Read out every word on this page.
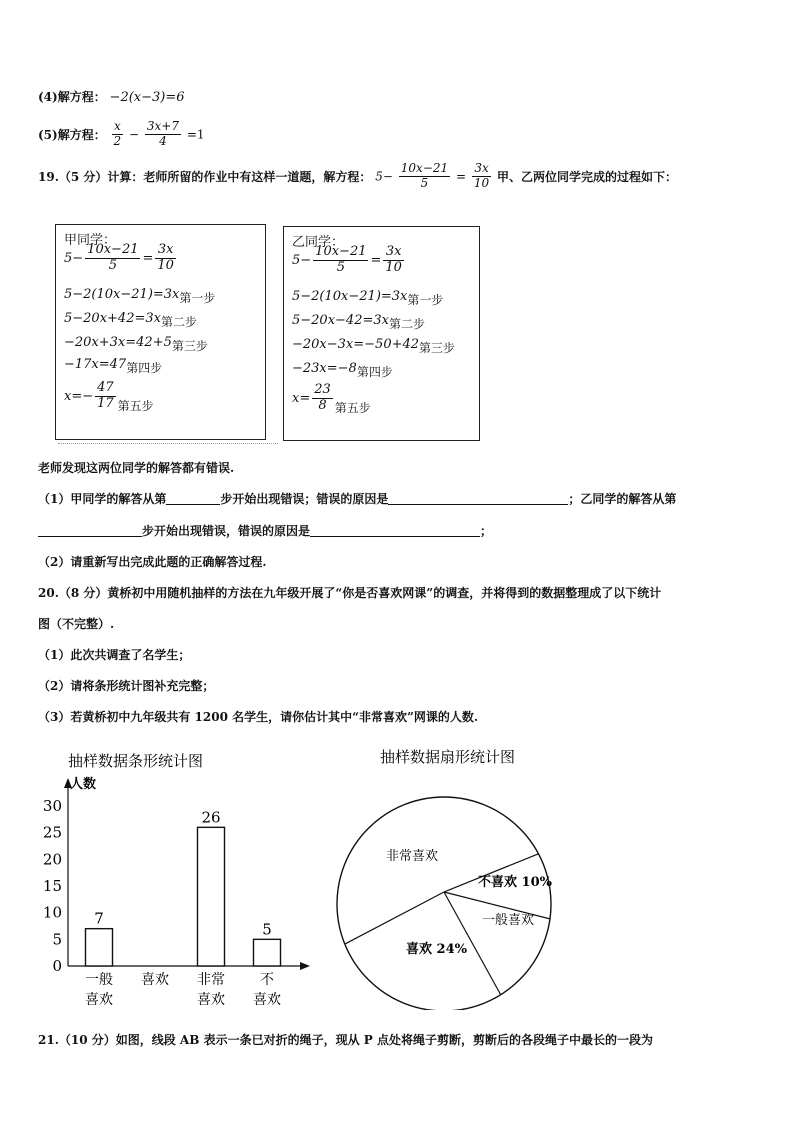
(4)解方程： −2(x−3)=6
(5)解方程： $\frac{x}{2} - \frac{3x+7}{4} =1$
19.（5 分）计算：老师所留的作业中有这样一道题，解方程： $5- \frac{10x-21}{5} = \frac{3x}{10}$ 甲、乙两位同学完成的过程如下：
甲同学：
$5- \frac{10x-21}{5} = \frac{3x}{10}$
5−2(10x−21)=3x第一步
5−20x+42=3x第二步
−20x+3x=42+5第三步
−17x=47第四步
$x=- \frac{47}{17}$ 第五步
乙同学：
$5- \frac{10x-21}{5} = \frac{3x}{10}$
5−2(10x−21)=3x第一步
5−20x−42=3x第二步
−20x−3x=−50+42第三步
−23x=−8第四步
$x= \frac{23}{8}$ 第五步
老师发现这两位同学的解答都有错误.
（1）甲同学的解答从第	步开始出现错误；错误的原因是	；乙同学的解答从第
步开始出现错误，错误的原因是	；
（2）请重新写出完成此题的正确解答过程.
20.（8 分）黄桥初中用随机抽样的方法在九年级开展了“你是否喜欢网课”的调查，并将得到的数据整理成了以下统计
图（不完整）.
（1）此次共调查了名学生；
（2）请将条形统计图补充完整；
（3）若黄桥初中九年级共有 1200 名学生，请你估计其中“非常喜欢”网课的人数.
抽样数据条形统计图
人数
0
5
10
15
20
25
30
7
26
5
一般
喜欢
喜欢 非常
喜欢
不
喜欢
抽样数据扇形统计图
非常喜欢
不喜欢 10%
一般喜欢
喜欢 24%
21.（10 分）如图，线段 AB 表示一条已对折的绳子，现从 P 点处将绳子剪断，剪断后的各段绳子中最长的一段为
